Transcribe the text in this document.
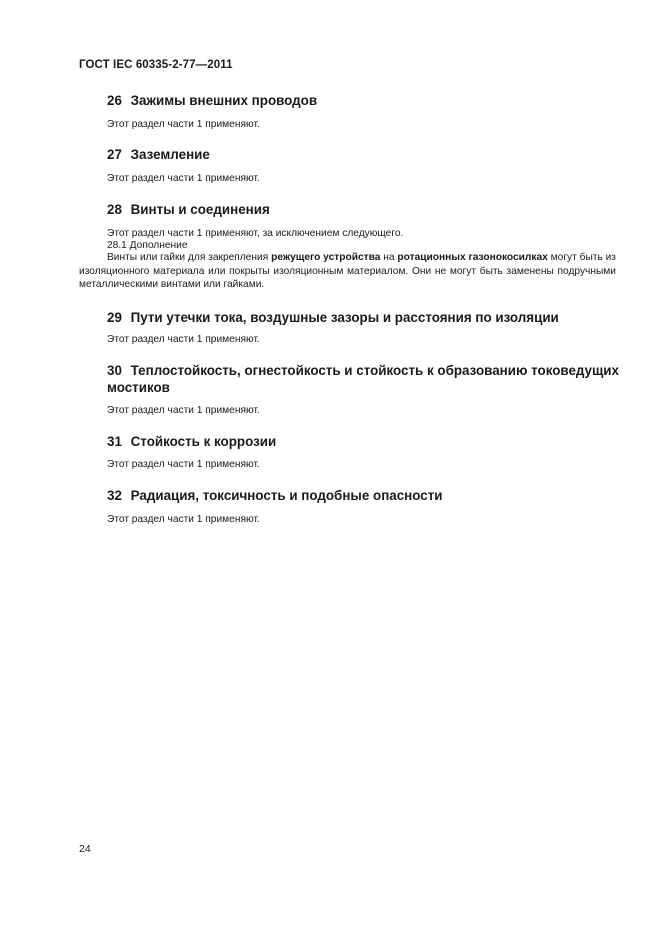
ГОСТ IEC 60335-2-77—2011
26 Зажимы внешних проводов
Этот раздел части 1 применяют.
27 Заземление
Этот раздел части 1 применяют.
28 Винты и соединения
Этот раздел части 1 применяют, за исключением следующего.
28.1 Дополнение
Винты или гайки для закрепления режущего устройства на ротационных газонокосилках могут быть из изоляционного материала или покрыты изоляционным материалом. Они не могут быть заменены подручными металлическими винтами или гайками.
29 Пути утечки тока, воздушные зазоры и расстояния по изоляции
Этот раздел части 1 применяют.
30 Теплостойкость, огнестойкость и стойкость к образованию токоведущих мостиков
Этот раздел части 1 применяют.
31 Стойкость к коррозии
Этот раздел части 1 применяют.
32 Радиация, токсичность и подобные опасности
Этот раздел части 1 применяют.
24
